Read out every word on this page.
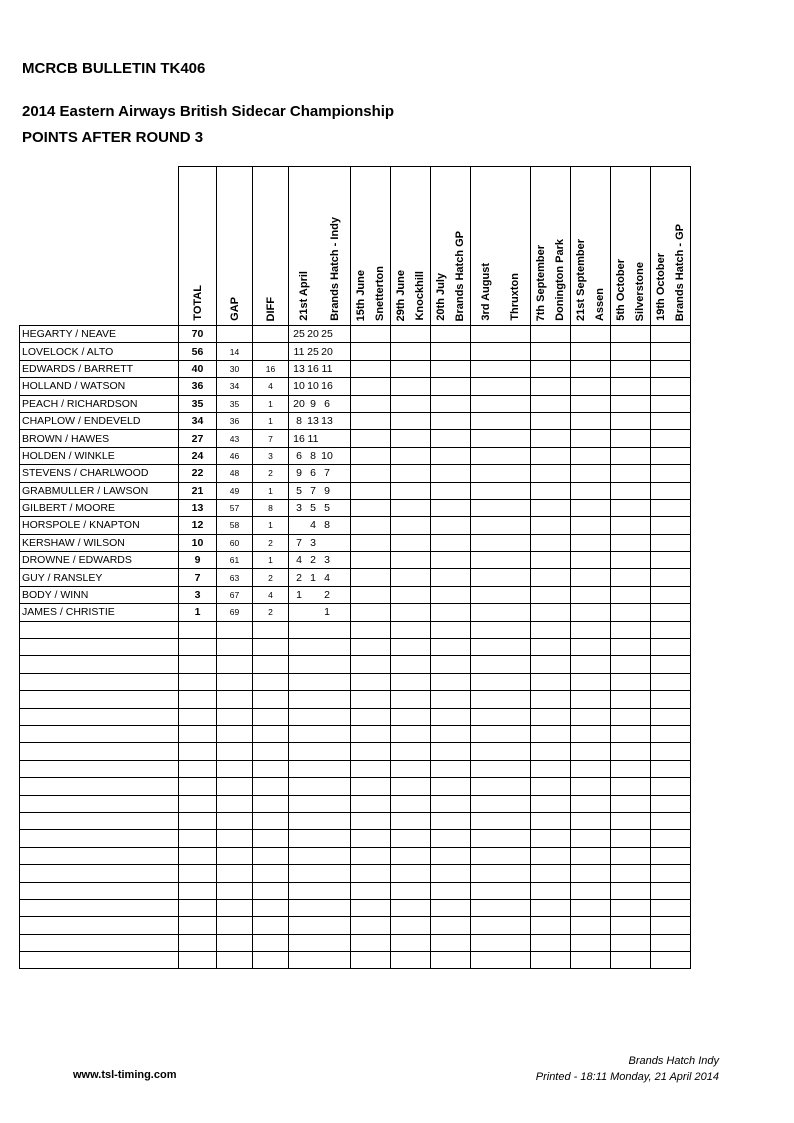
MCRCB BULLETIN TK406
2014 Eastern Airways British Sidecar Championship
POINTS AFTER ROUND 3

	TOTAL	GAP	DIFF	21st April Brands Hatch - Indy	15th June Snetterton	29th June Knockhill	20th July Brands Hatch GP	3rd August Thruxton	7th September Donington Park	21st September Assen	5th October Silverstone	19th October Brands Hatch - GP

HEGARTY / NEAVE	70			25 20 25								

LOVELOCK / ALTO	56	14		11 25 20								

EDWARDS / BARRETT	40	30	16	13 16 11								

HOLLAND / WATSON	36	34	4	10 10 16								

PEACH / RICHARDSON	35	35	1	20 9 6								

CHAPLOW / ENDEVELD	34	36	1	8 13 13								

BROWN / HAWES	27	43	7	16 11								

HOLDEN / WINKLE	24	46	3	6 8 10								

STEVENS / CHARLWOOD	22	48	2	9 6 7								

GRABMULLER / LAWSON	21	49	1	5 7 9								

GILBERT / MOORE	13	57	8	3 5 5								

HORSPOLE / KNAPTON	12	58	1	4 8								

KERSHAW / WILSON	10	60	2	7 3								

DROWNE / EDWARDS	9	61	1	4 2 3								

GUY / RANSLEY	7	63	2	2 1 4								

BODY / WINN	3	67	4	1 2								

JAMES / CHRISTIE	1	69	2	1								

www.tsl-timing.com
Brands Hatch Indy
Printed - 18:11 Monday, 21 April 2014
